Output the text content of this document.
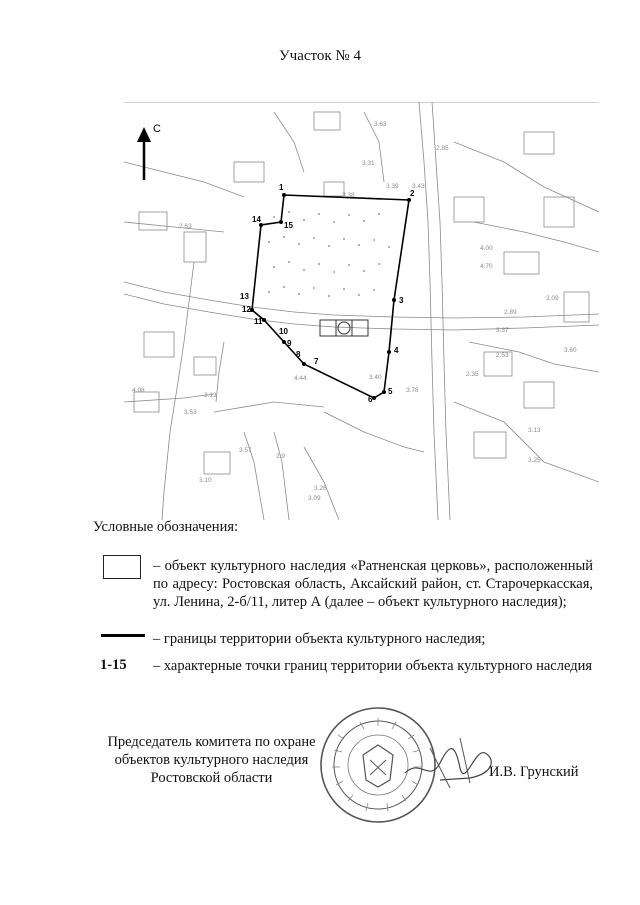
Участок № 4
С
1
2
3
4
5
6
7
8
9
10
11
12
13
14
15
3.63
3.31
3.39
2.63
3.43
3.38
2.85
4.00
4.70
2.89
3.09
3.37
3.60
2.53
3.40
4.44
2.35
3.13
3.53
3.13
3.57
2.9
4.08	3.78
3.25
3.26
3.10
3.09
Условные обозначения:
– объект культурного наследия «Ратненская церковь», расположенный по адресу: Ростовская область, Аксайский район, ст. Старочеркасская, ул. Ленина, 2-б/11, литер А (далее – объект культурного наследия);
– границы территории объекта культурного наследия;
1-15 – характерные точки границ территории объекта культурного наследия
Председатель комитета по охране объектов культурного наследия Ростовской области	И.В. Грунский
